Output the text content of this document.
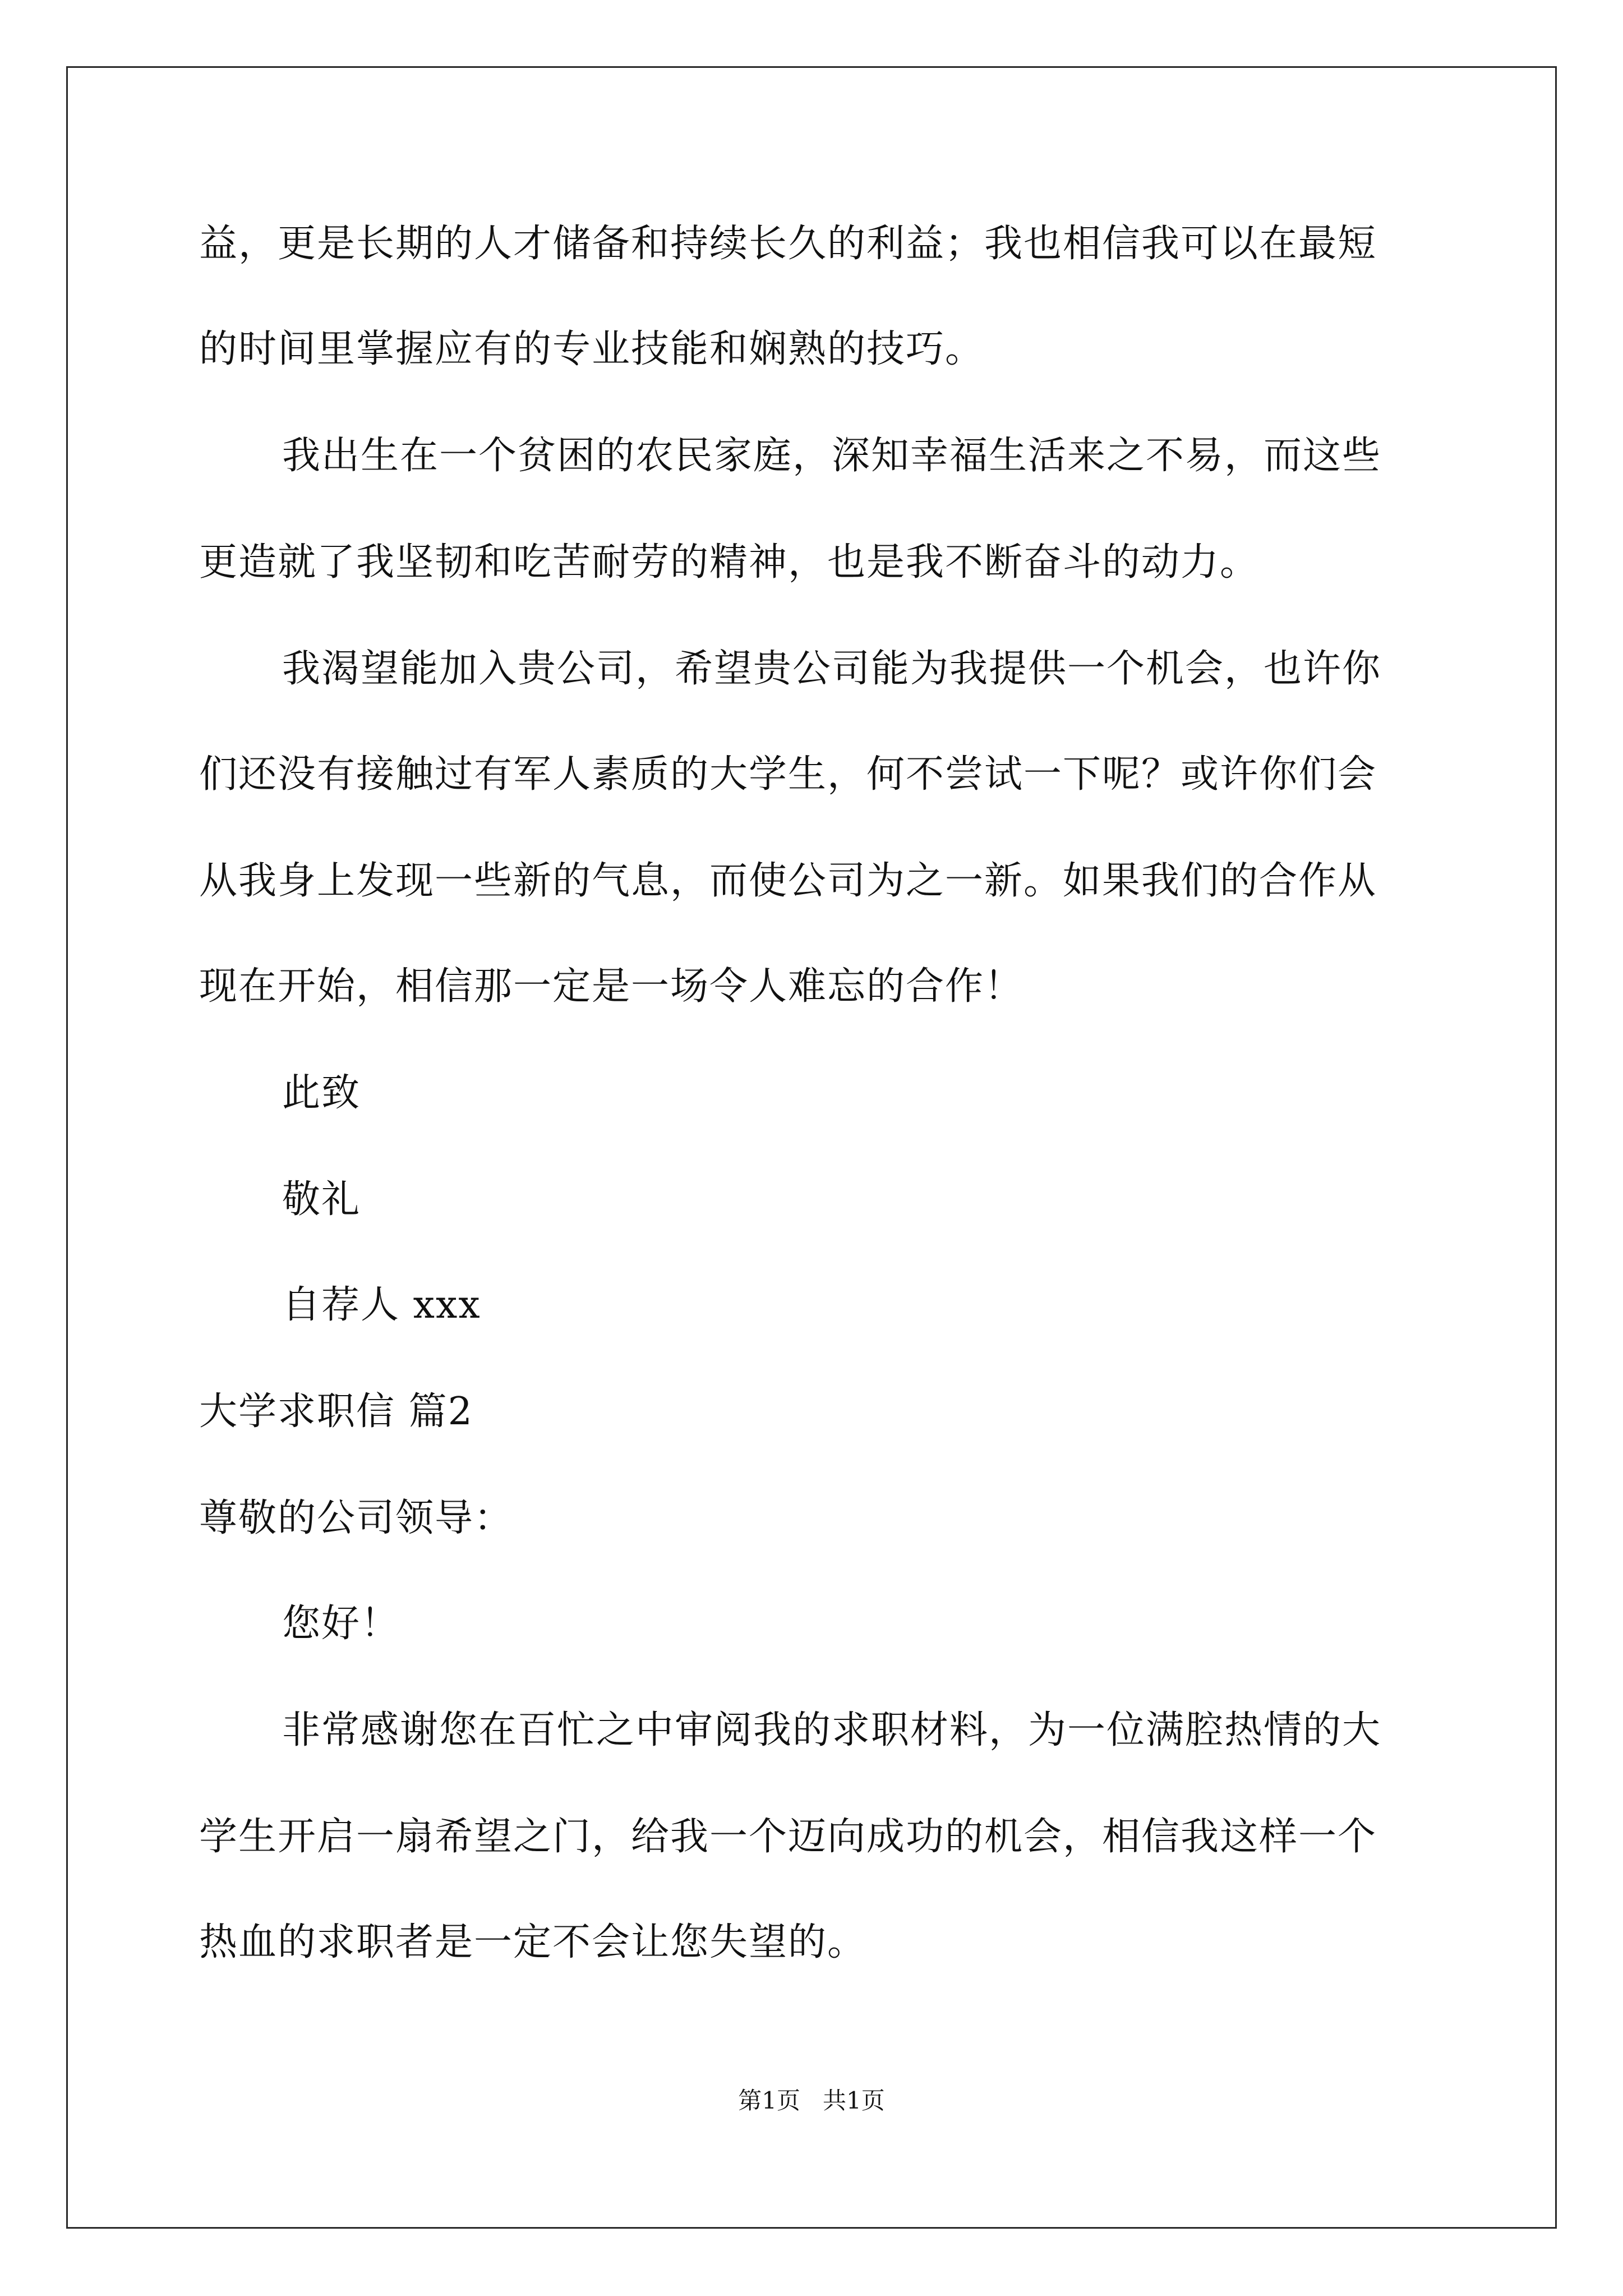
益，更是长期的人才储备和持续长久的利益；我也相信我可以在最短
的时间里掌握应有的专业技能和娴熟的技巧。
我出生在一个贫困的农民家庭，深知幸福生活来之不易，而这些
更造就了我坚韧和吃苦耐劳的精神，也是我不断奋斗的动力。
我渴望能加入贵公司，希望贵公司能为我提供一个机会，也许你
们还没有接触过有军人素质的大学生，何不尝试一下呢？或许你们会
从我身上发现一些新的气息，而使公司为之一新。如果我们的合作从
现在开始，相信那一定是一场令人难忘的合作！
此致
敬礼
自荐人 xxx
大学求职信 篇2
尊敬的公司领导：
您好！
非常感谢您在百忙之中审阅我的求职材料，为一位满腔热情的大
学生开启一扇希望之门，给我一个迈向成功的机会，相信我这样一个
热血的求职者是一定不会让您失望的。
第1页   共1页
